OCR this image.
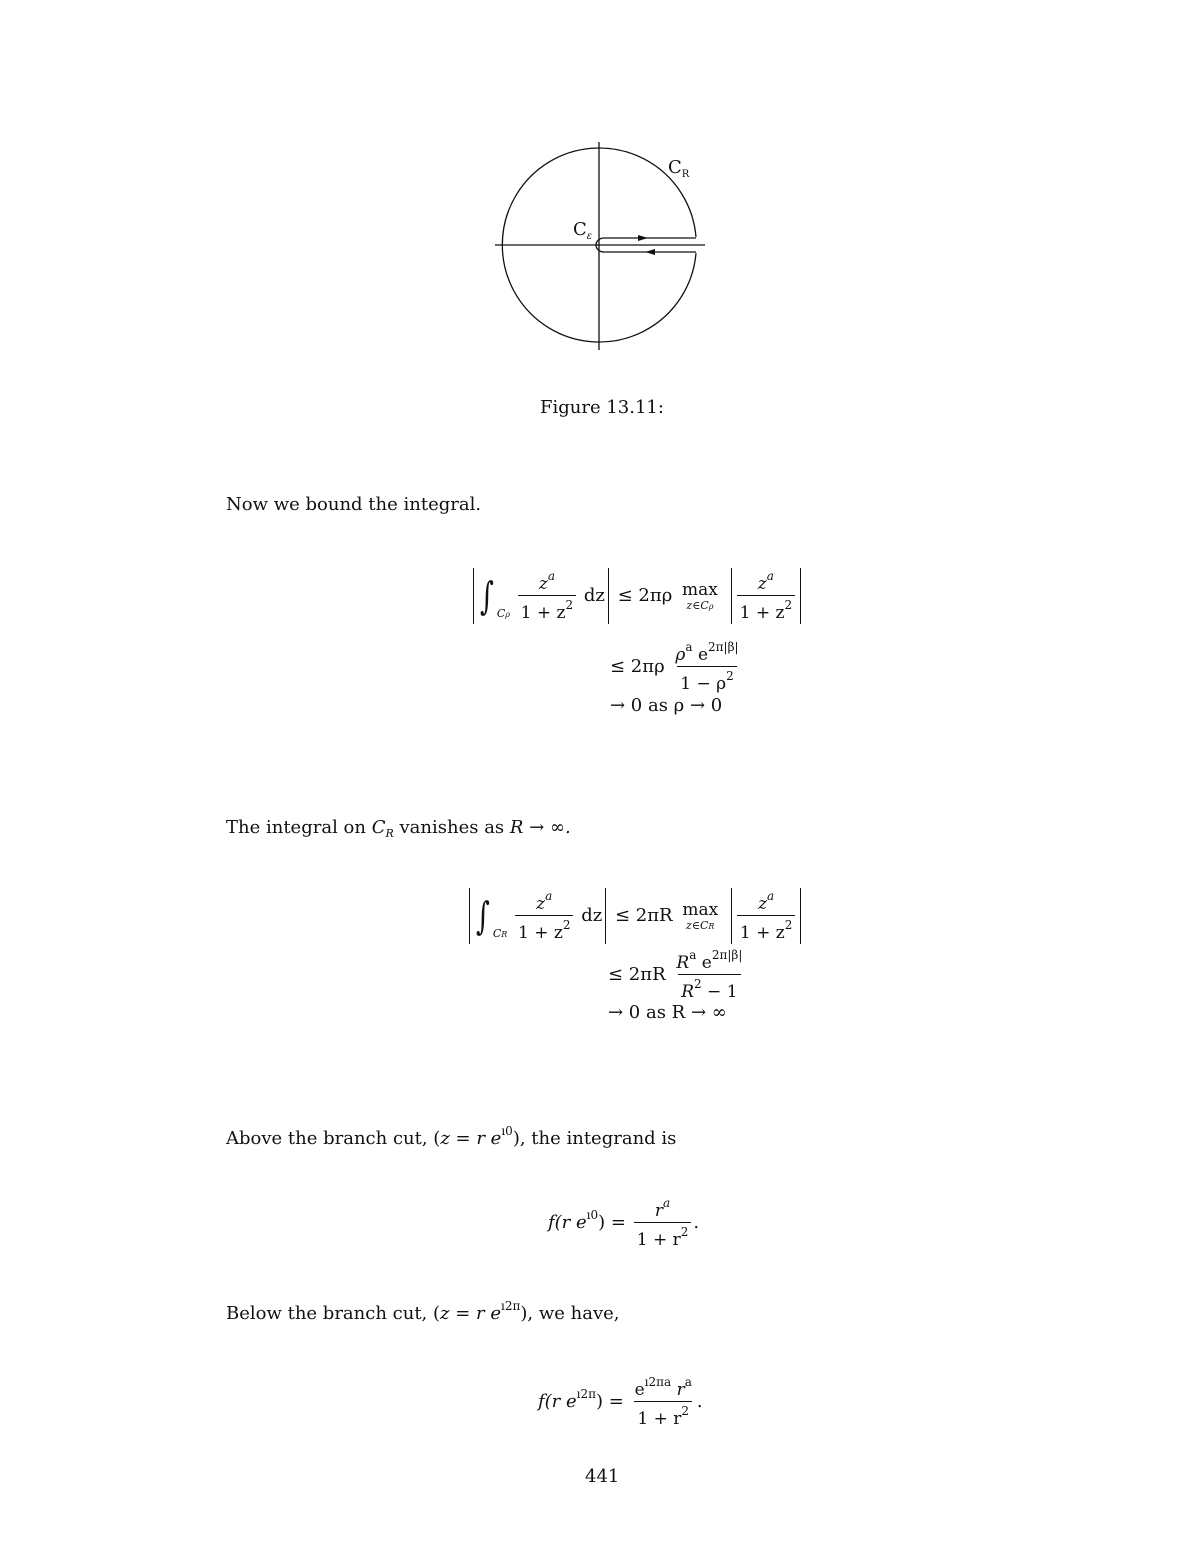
$C_R$
$C_\varepsilon$
Figure 13.11:
Now we bound the integral.
∫ $_{C\rho} \frac{z^a}{1 + z^2}$ dz ≤ 2πρ max
z∈Cρ
$\frac{z^a}{1 + z^2}$
≤ $2\pi\rho \frac{\rho^a e^{2\pi|\beta|}}{1 - \rho^2}$
→ 0 as ρ → 0
The integral on $C_R$ vanishes as R → ∞.
∫ $_{CR} \frac{z^a}{1 + z^2}$ dz ≤ 2πR max
z∈CR
$\frac{z^a}{1 + z^2}$
≤ $2\pi R \frac{R^a e^{2\pi|\beta|}}{R^2 - 1}$
→ 0 as R → ∞
Above the branch cut, (z = r $e^{ı0}$), the integrand is
f(r $e^{ı0}) = \frac{r^a}{1 + r^2}$ .
Below the branch cut, (z = r $e^{ı2\pi}$), we have,
f(r $e^{ı2\pi}) = \frac{e^{ı2\pi a} r^a}{1 + r^2}$ .
441
